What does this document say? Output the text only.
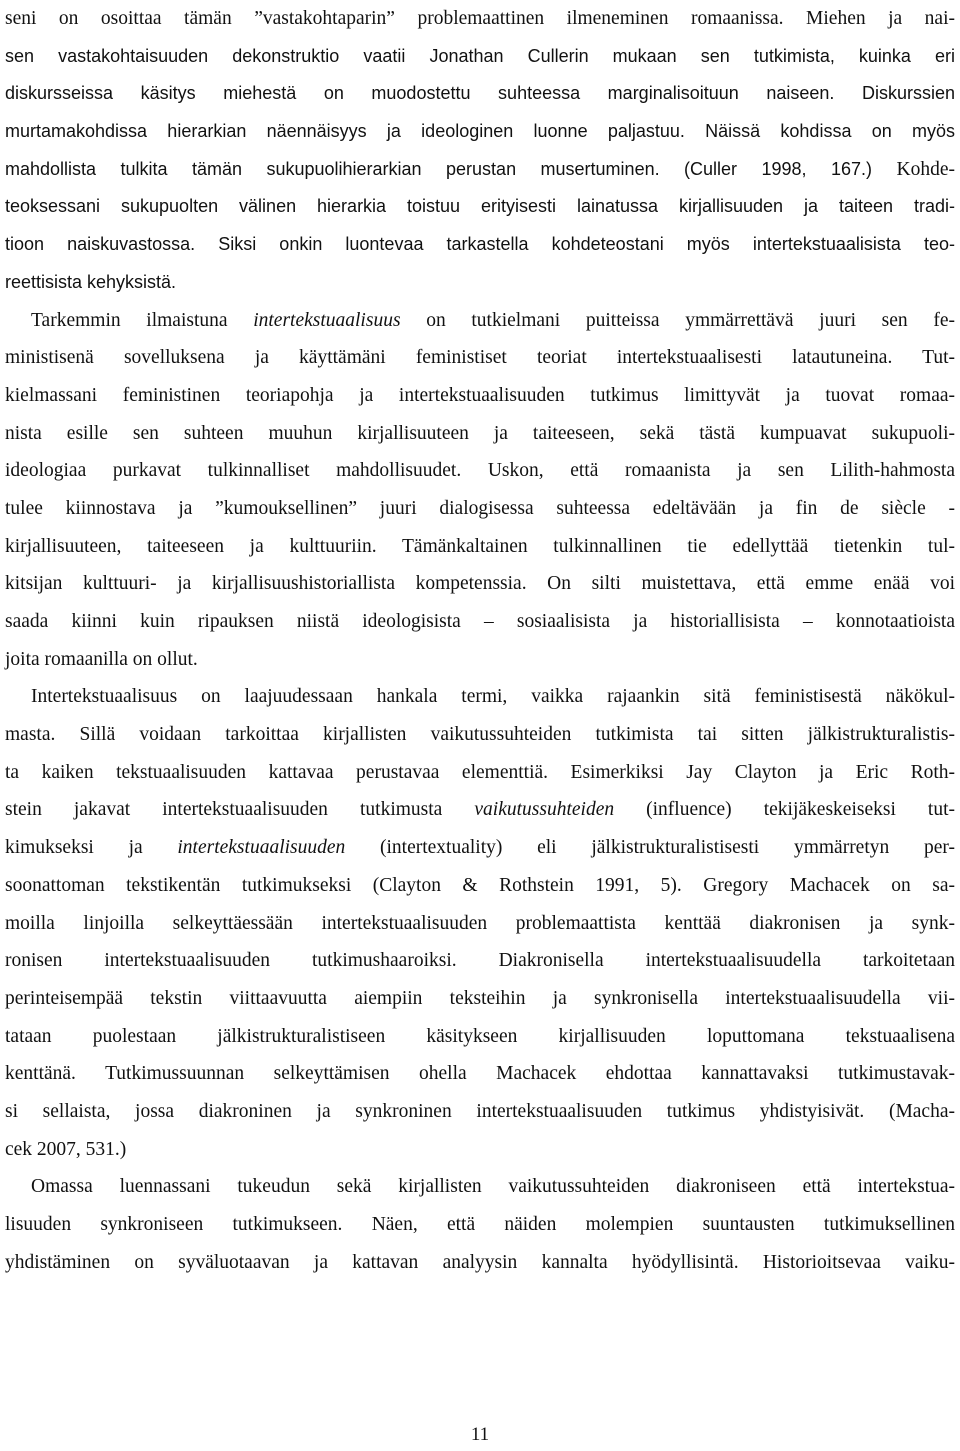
seni on osoittaa tämän ”vastakohtaparin” problemaattinen ilmeneminen romaanissa. Miehen ja nai-
sen vastakohtaisuuden dekonstruktio vaatii Jonathan Cullerin mukaan sen tutkimista, kuinka eri
diskursseissa käsitys miehestä on muodostettu suhteessa marginalisoituun naiseen. Diskurssien
murtamakohdissa hierarkian näennäisyys ja ideologinen luonne paljastuu. Näissä kohdissa on myös
mahdollista tulkita tämän sukupuolihierarkian perustan musertuminen. (Culler 1998, 167.) Kohde-
teoksessani sukupuolten välinen hierarkia toistuu erityisesti lainatussa kirjallisuuden ja taiteen tradi-
tioon naiskuvastossa. Siksi onkin luontevaa tarkastella kohdeteostani myös intertekstuaalisista teo-
reettisista kehyksistä.
Tarkemmin ilmaistuna intertekstuaalisuus on tutkielmani puitteissa ymmärrettävä juuri sen fe-
ministisenä sovelluksena ja käyttämäni feministiset teoriat intertekstuaalisesti latautuneina. Tut-
kielmassani feministinen teoriapohja ja intertekstuaalisuuden tutkimus limittyvät ja tuovat romaa-
nista esille sen suhteen muuhun kirjallisuuteen ja taiteeseen, sekä tästä kumpuavat sukupuoli-
ideologiaa purkavat tulkinnalliset mahdollisuudet. Uskon, että romaanista ja sen Lilith-hahmosta
tulee kiinnostava ja ”kumouksellinen” juuri dialogisessa suhteessa edeltävään ja fin de siècle -
kirjallisuuteen, taiteeseen ja kulttuuriin. Tämänkaltainen tulkinnallinen tie edellyttää tietenkin tul-
kitsijan kulttuuri- ja kirjallisuushistoriallista kompetenssia. On silti muistettava, että emme enää voi
saada kiinni kuin ripauksen niistä ideologisista – sosiaalisista ja historiallisista – konnotaatioista
joita romaanilla on ollut.
Intertekstuaalisuus on laajuudessaan hankala termi, vaikka rajaankin sitä feministisestä näkökul-
masta. Sillä voidaan tarkoittaa kirjallisten vaikutussuhteiden tutkimista tai sitten jälkistrukturalistis-
ta kaiken tekstuaalisuuden kattavaa perustavaa elementtiä. Esimerkiksi Jay Clayton ja Eric Roth-
stein jakavat intertekstuaalisuuden tutkimusta vaikutussuhteiden (influence) tekijäkeskeiseksi tut-
kimukseksi ja intertekstuaalisuuden (intertextuality) eli jälkistrukturalistisesti ymmärretyn per-
soonattoman tekstikentän tutkimukseksi (Clayton & Rothstein 1991, 5). Gregory Machacek on sa-
moilla linjoilla selkeyttäessään intertekstuaalisuuden problemaattista kenttää diakronisen ja synk-
ronisen intertekstuaalisuuden tutkimushaaroiksi. Diakronisella intertekstuaalisuudella tarkoitetaan
perinteisempää tekstin viittaavuutta aiempiin teksteihin ja synkronisella intertekstuaalisuudella vii-
tataan puolestaan jälkistrukturalistiseen käsitykseen kirjallisuuden loputtomana tekstuaalisena
kenttänä. Tutkimussuunnan selkeyttämisen ohella Machacek ehdottaa kannattavaksi tutkimustavak-
si sellaista, jossa diakroninen ja synkroninen intertekstuaalisuuden tutkimus yhdistyisivät. (Macha-
cek 2007, 531.)
Omassa luennassani tukeudun sekä kirjallisten vaikutussuhteiden diakroniseen että intertekstua-
lisuuden synkroniseen tutkimukseen. Näen, että näiden molempien suuntausten tutkimuksellinen
yhdistäminen on syväluotaavan ja kattavan analyysin kannalta hyödyllisintä. Historioitsevaa vaiku-
11
